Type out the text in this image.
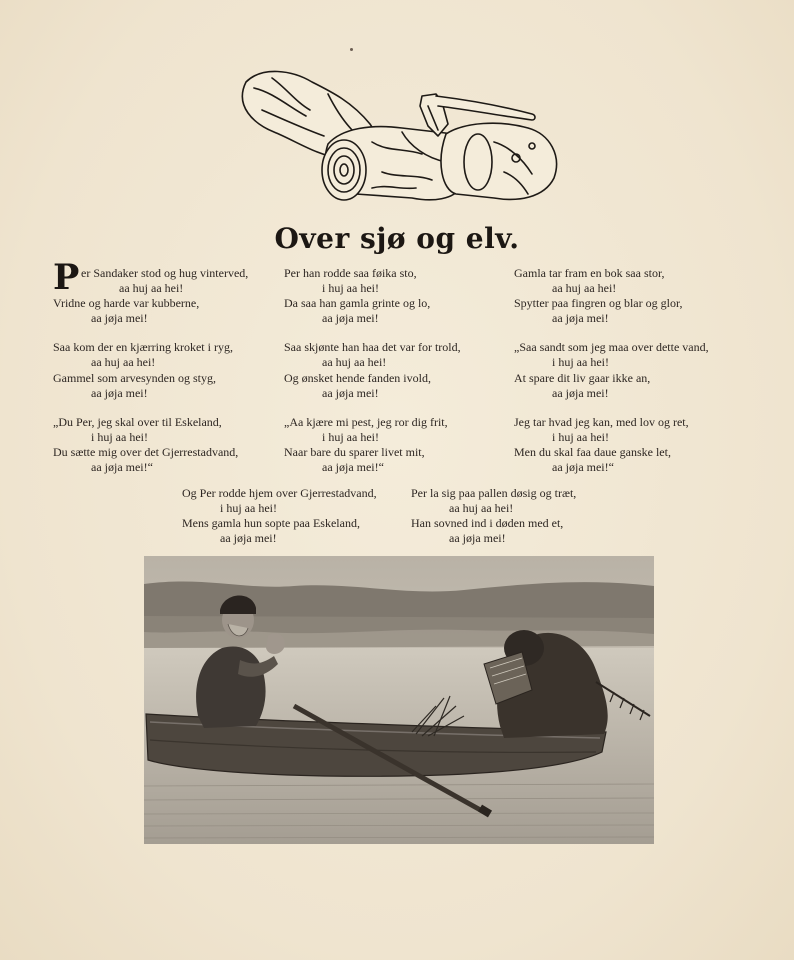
Over sjø og elv.
P er Sandaker stod og hug vinterved,
aa huj aa hei!
Vridne og harde var kubberne,
aa jøja mei!
Saa kom der en kjærring kroket i ryg,
aa huj aa hei!
Gammel som arvesynden og styg,
aa jøja mei!
„Du Per, jeg skal over til Eskeland,
i huj aa hei!
Du sætte mig over det Gjerrestadvand,
aa jøja mei!“
Per han rodde saa føika sto,
i huj aa hei!
Da saa han gamla grinte og lo,
aa jøja mei!
Saa skjønte han haa det var for trold,
aa huj aa hei!
Og ønsket hende fanden ivold,
aa jøja mei!
„Aa kjære mi pest, jeg ror dig frit,
i huj aa hei!
Naar bare du sparer livet mit,
aa jøja mei!“
Gamla tar fram en bok saa stor,
aa huj aa hei!
Spytter paa fingren og blar og glor,
aa jøja mei!
„Saa sandt som jeg maa over dette vand,
i huj aa hei!
At spare dit liv gaar ikke an,
aa jøja mei!
Jeg tar hvad jeg kan, med lov og ret,
i huj aa hei!
Men du skal faa daue ganske let,
aa jøja mei!“
Og Per rodde hjem over Gjerrestadvand,
i huj aa hei!
Mens gamla hun sopte paa Eskeland,
aa jøja mei!
Per la sig paa pallen døsig og træt,
aa huj aa hei!
Han sovned ind i døden med et,
aa jøja mei!
